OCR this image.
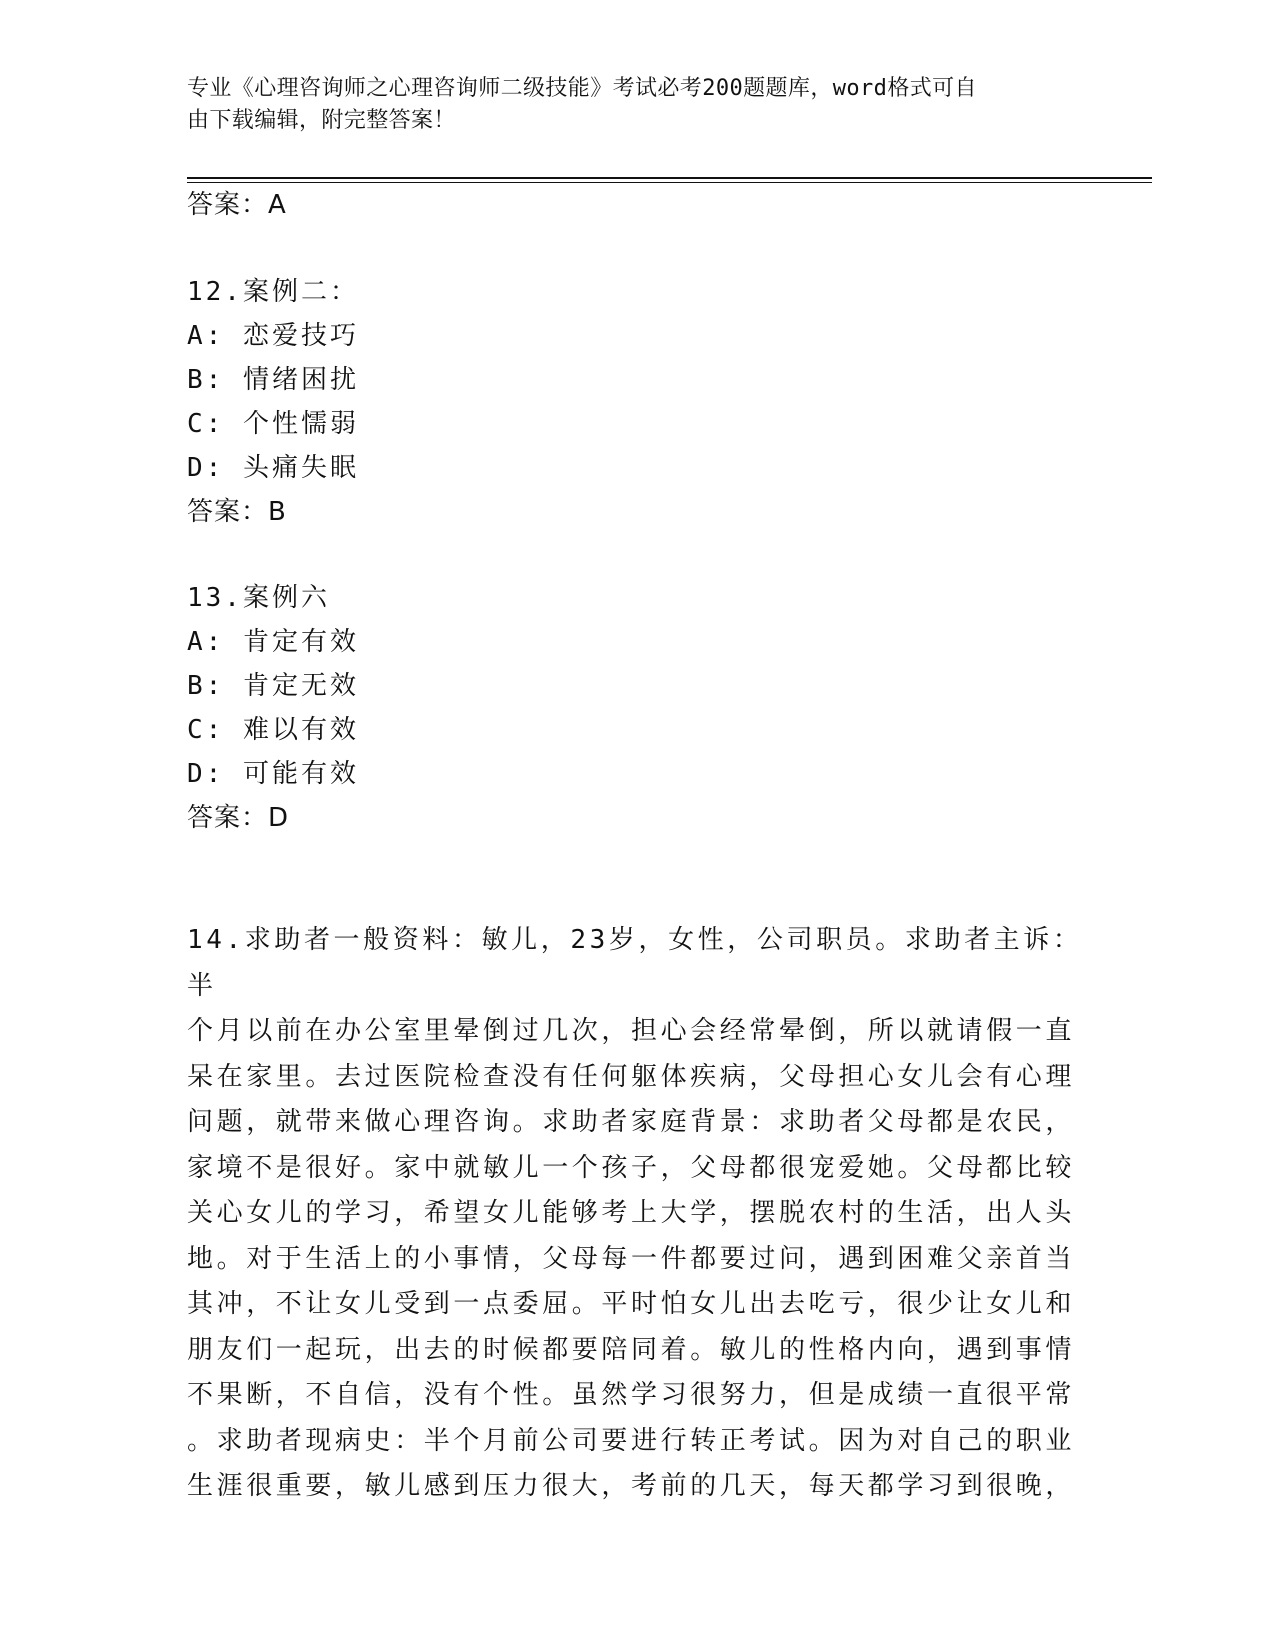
专业《心理咨询师之心理咨询师二级技能》考试必考200题题库，word格式可自
由下载编辑，附完整答案！
答案：A
12.案例二：
A: 恋爱技巧
B: 情绪困扰
C: 个性懦弱
D: 头痛失眠
答案：B
13.案例六
A: 肯定有效
B: 肯定无效
C: 难以有效
D: 可能有效
答案：D
14.求助者一般资料：敏儿，23岁，女性，公司职员。求助者主诉：半
个月以前在办公室里晕倒过几次，担心会经常晕倒，所以就请假一直
呆在家里。去过医院检查没有任何躯体疾病，父母担心女儿会有心理
问题，就带来做心理咨询。求助者家庭背景：求助者父母都是农民，
家境不是很好。家中就敏儿一个孩子，父母都很宠爱她。父母都比较
关心女儿的学习，希望女儿能够考上大学，摆脱农村的生活，出人头
地。对于生活上的小事情，父母每一件都要过问，遇到困难父亲首当
其冲，不让女儿受到一点委屈。平时怕女儿出去吃亏，很少让女儿和
朋友们一起玩，出去的时候都要陪同着。敏儿的性格内向，遇到事情
不果断，不自信，没有个性。虽然学习很努力，但是成绩一直很平常
。求助者现病史：半个月前公司要进行转正考试。因为对自己的职业
生涯很重要，敏儿感到压力很大，考前的几天，每天都学习到很晚，
